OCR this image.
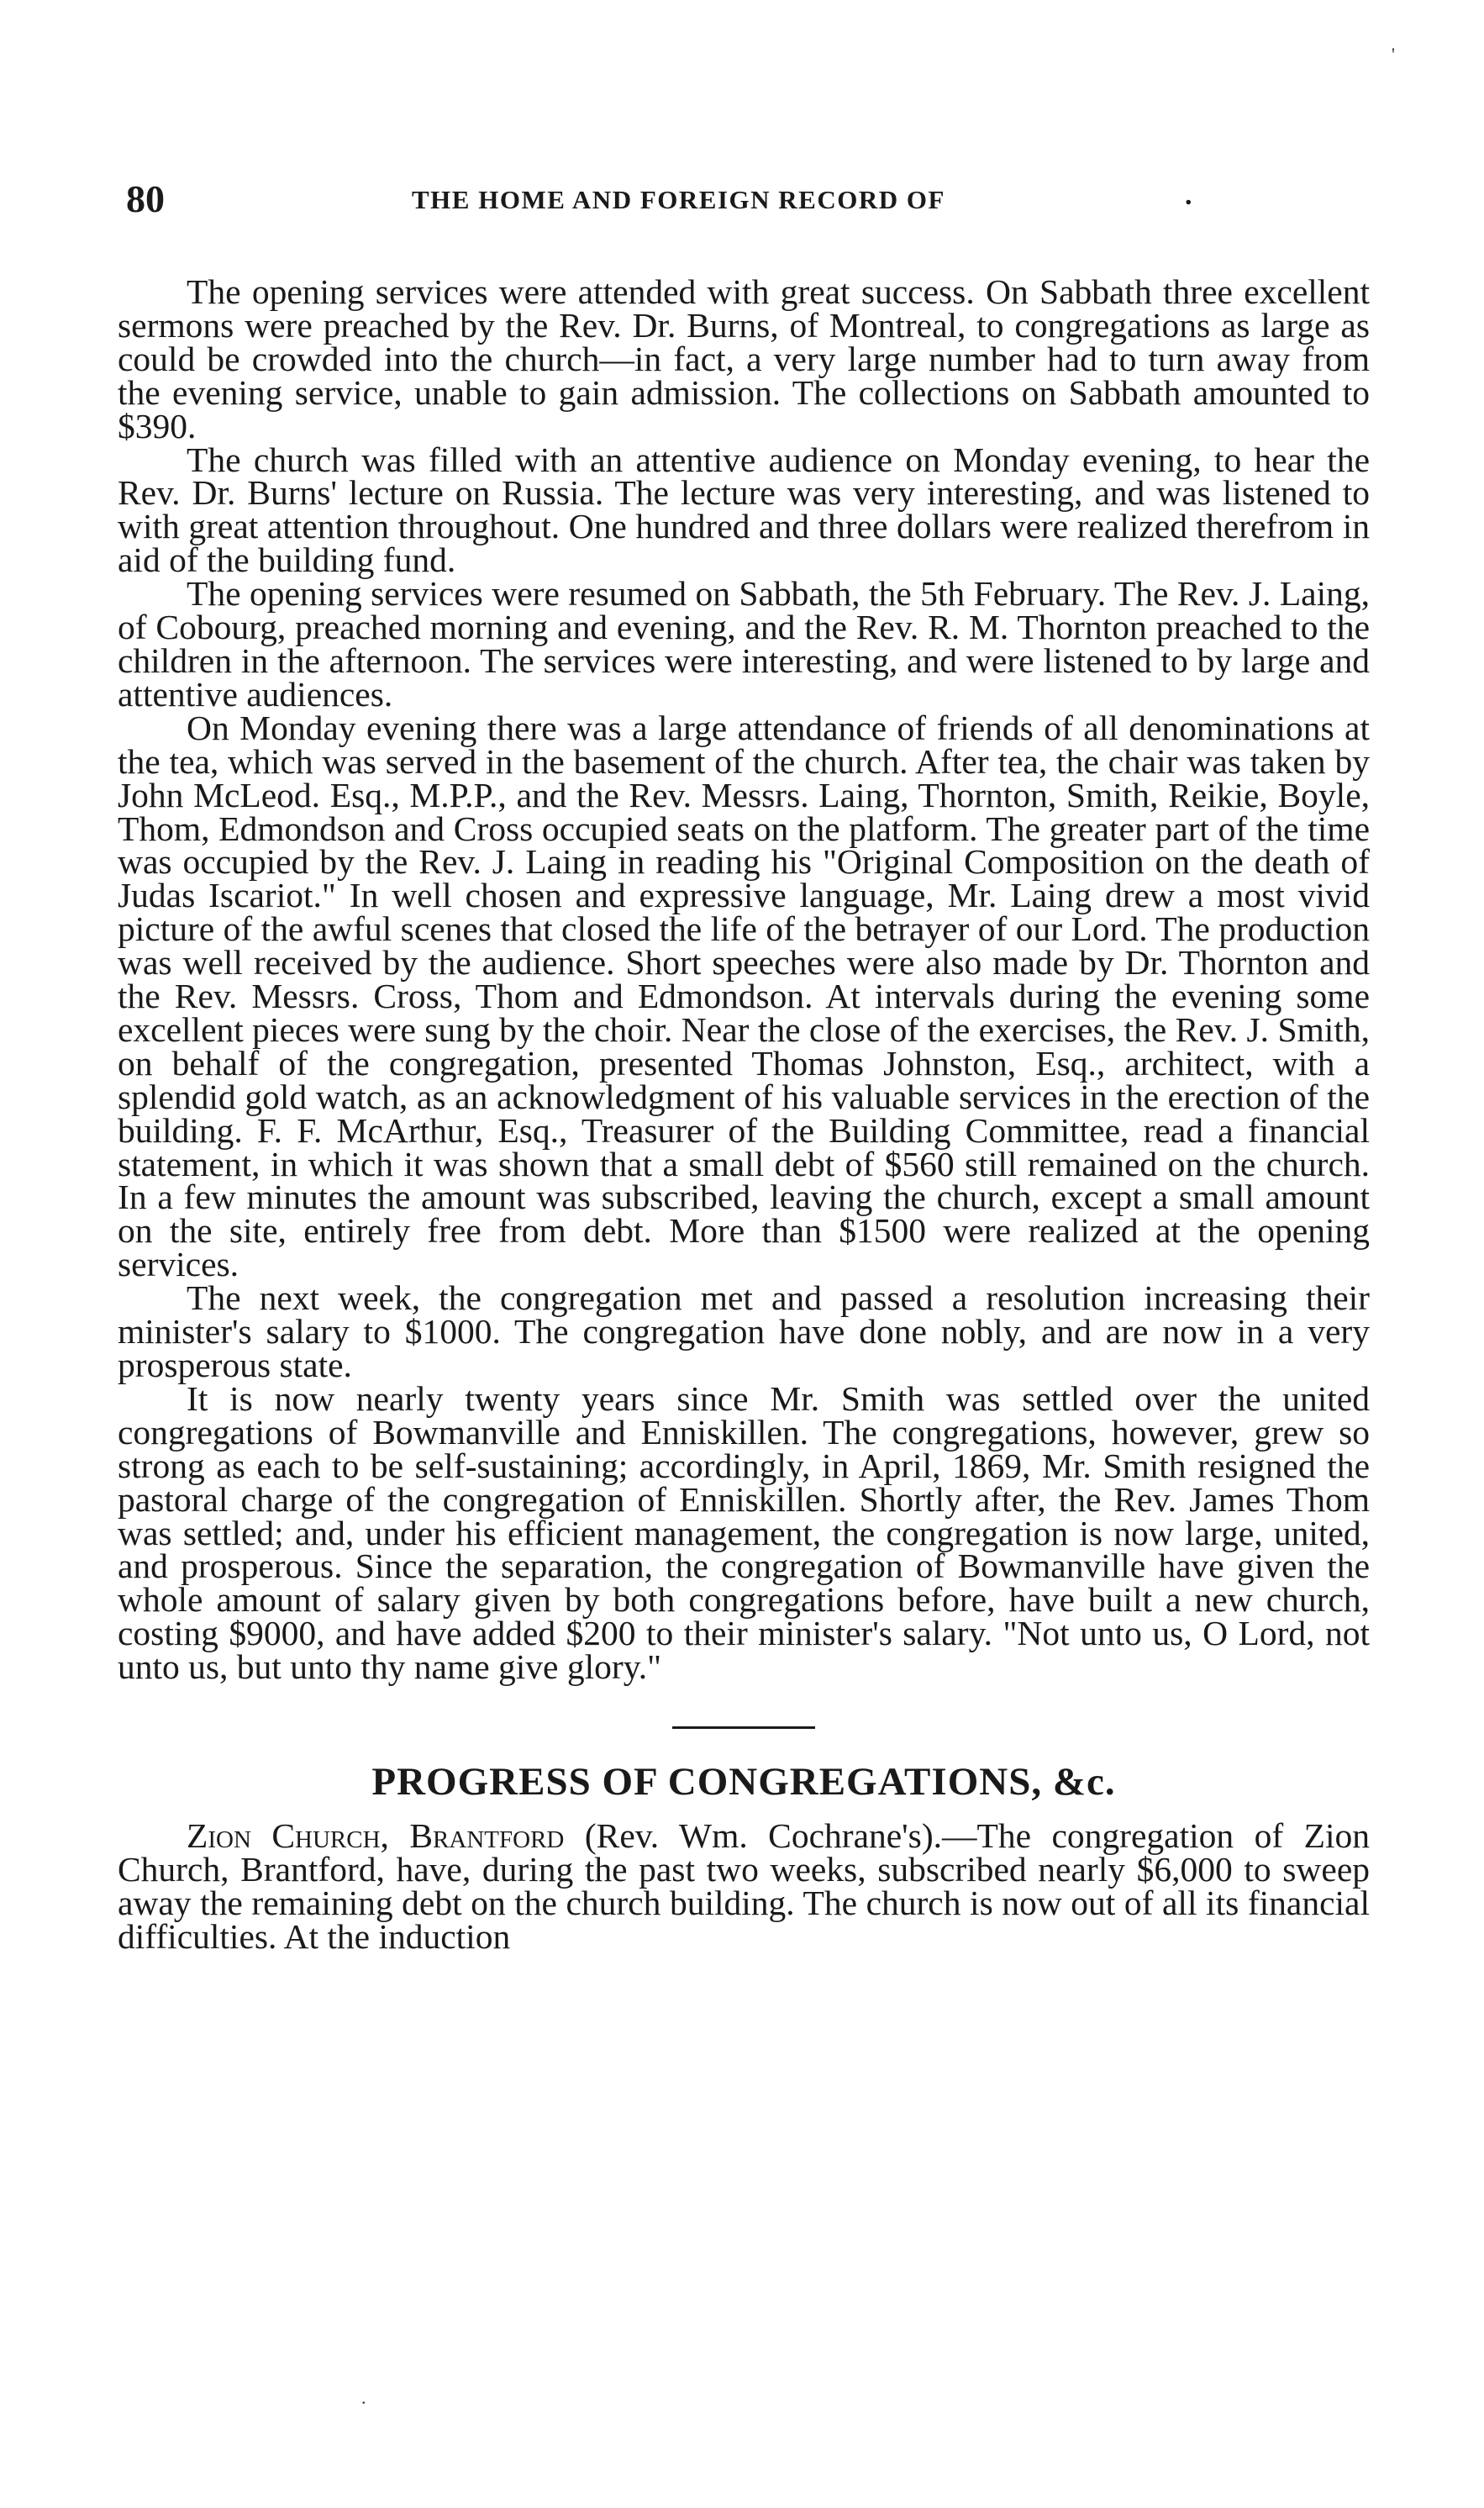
'
80	THE HOME AND FOREIGN RECORD OF	.

The opening services were attended with great success. On Sabbath three excellent sermons were preached by the Rev. Dr. Burns, of Montreal, to congregations as large as could be crowded into the church—in fact, a very large number had to turn away from the evening service, unable to gain admission. The collections on Sabbath amounted to $390.

The church was filled with an attentive audience on Monday evening, to hear the Rev. Dr. Burns' lecture on Russia. The lecture was very interesting, and was listened to with great attention throughout. One hundred and three dollars were realized therefrom in aid of the building fund.

The opening services were resumed on Sabbath, the 5th February. The Rev. J. Laing, of Cobourg, preached morning and evening, and the Rev. R. M. Thornton preached to the children in the afternoon. The services were interesting, and were listened to by large and attentive audiences.

On Monday evening there was a large attendance of friends of all denominations at the tea, which was served in the basement of the church. After tea, the chair was taken by John McLeod. Esq., M.P.P., and the Rev. Messrs. Laing, Thornton, Smith, Reikie, Boyle, Thom, Edmondson and Cross occupied seats on the platform. The greater part of the time was occupied by the Rev. J. Laing in reading his "Original Composition on the death of Judas Iscariot." In well chosen and expressive language, Mr. Laing drew a most vivid picture of the awful scenes that closed the life of the betrayer of our Lord. The production was well received by the audience. Short speeches were also made by Dr. Thornton and the Rev. Messrs. Cross, Thom and Edmondson. At intervals during the evening some excellent pieces were sung by the choir. Near the close of the exercises, the Rev. J. Smith, on behalf of the congregation, presented Thomas Johnston, Esq., architect, with a splendid gold watch, as an acknowledgment of his valuable services in the erection of the building. F. F. McArthur, Esq., Treasurer of the Building Committee, read a financial statement, in which it was shown that a small debt of $560 still remained on the church. In a few minutes the amount was subscribed, leaving the church, except a small amount on the site, entirely free from debt. More than $1500 were realized at the opening services.

The next week, the congregation met and passed a resolution increasing their minister's salary to $1000. The congregation have done nobly, and are now in a very prosperous state.

It is now nearly twenty years since Mr. Smith was settled over the united congregations of Bowmanville and Enniskillen. The congregations, however, grew so strong as each to be self-sustaining; accordingly, in April, 1869, Mr. Smith resigned the pastoral charge of the congregation of Enniskillen. Shortly after, the Rev. James Thom was settled; and, under his efficient management, the congregation is now large, united, and prosperous. Since the separation, the congregation of Bowmanville have given the whole amount of salary given by both congregations before, have built a new church, costing $9000, and have added $200 to their minister's salary. "Not unto us, O Lord, not unto us, but unto thy name give glory."

PROGRESS OF CONGREGATIONS, &c.

Zion Church, Brantford (Rev. Wm. Cochrane's).—The congregation of Zion Church, Brantford, have, during the past two weeks, subscribed nearly $6,000 to sweep away the remaining debt on the church building. The church is now out of all its financial difficulties. At the induction

.
